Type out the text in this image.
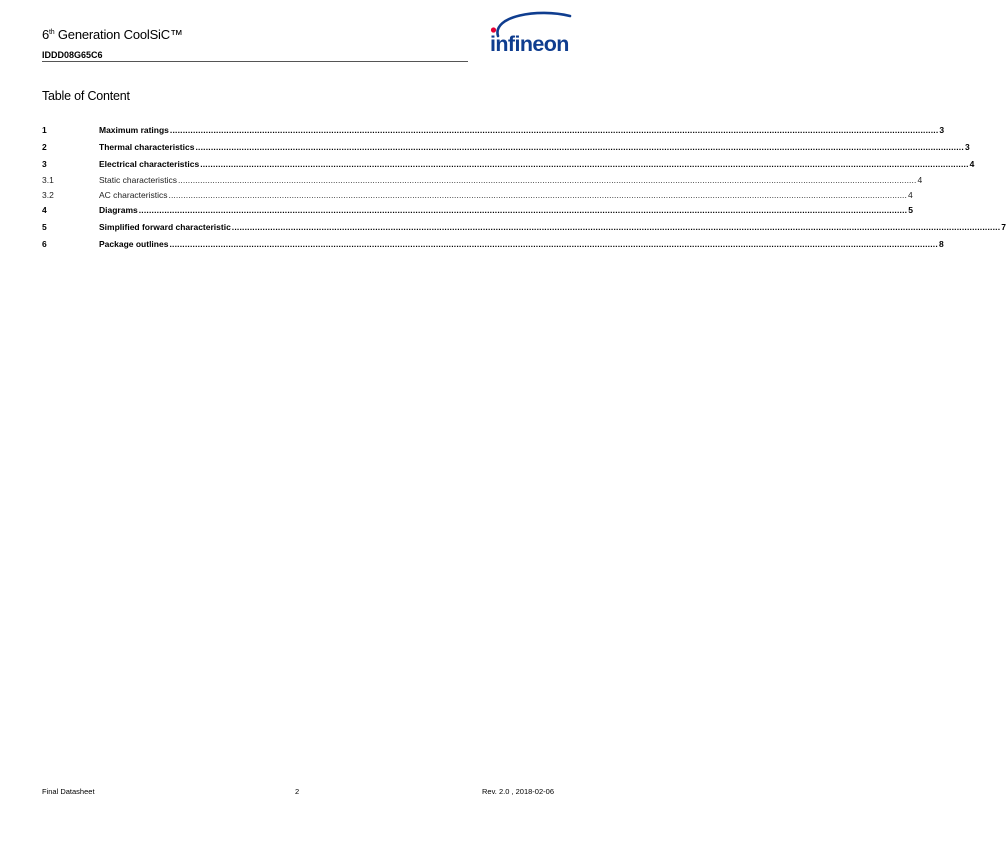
6th Generation CoolSiC™
IDDD08G65C6	infineon
Table of Content
1	Maximum ratings ............................................................................................................................................................................................................................................................................................................ 3
2	Thermal characteristics ............................................................................................................................................................................................................................................................................................................ 3
3	Electrical characteristics ............................................................................................................................................................................................................................................................................................................ 4
3.1	Static characteristics ............................................................................................................................................................................................................................................................................................................ 4
3.2	AC characteristics ............................................................................................................................................................................................................................................................................................................ 4
4	Diagrams ............................................................................................................................................................................................................................................................................................................ 5
5	Simplified forward characteristic ............................................................................................................................................................................................................................................................................................................ 7
6	Package outlines ............................................................................................................................................................................................................................................................................................................ 8
Final Datasheet	2	Rev. 2.0 , 2018-02-06
